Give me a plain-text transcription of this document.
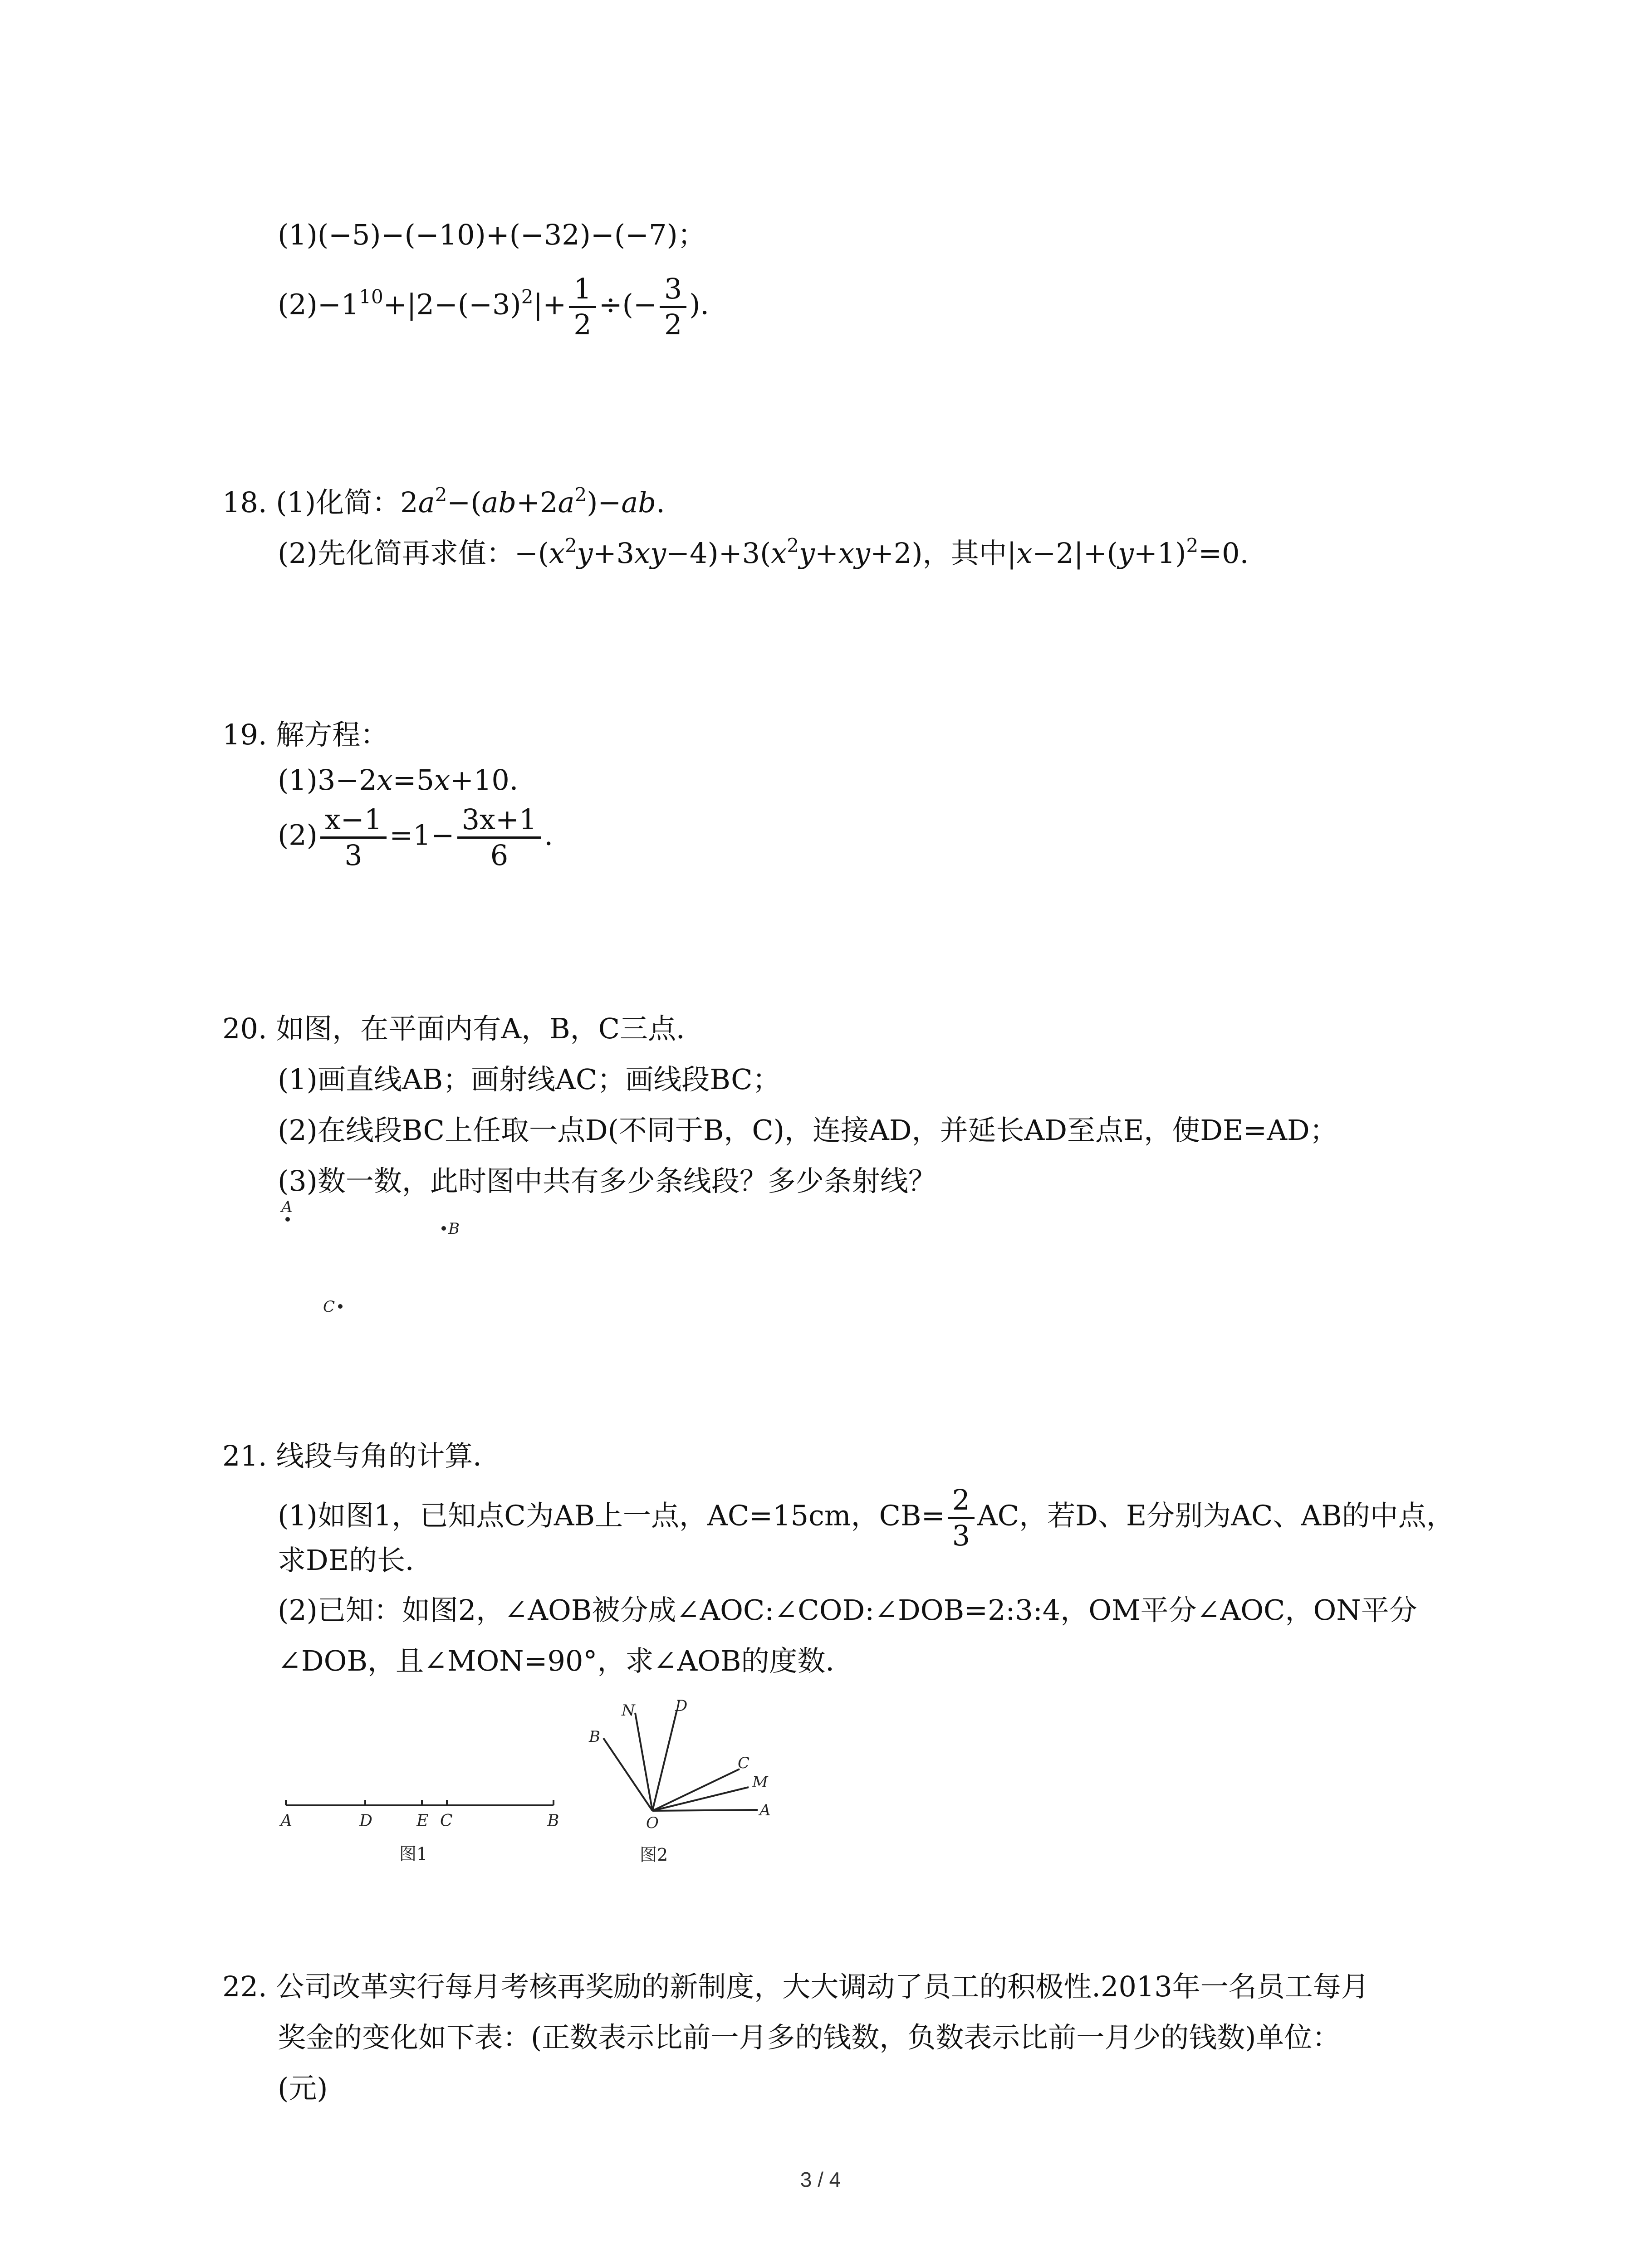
(1)(−5)−(−10)+(−32)−(−7)；
$(2)-1^{10}+|2-(-3)^2|+ \frac{1}{2}$ ÷(− $\frac{3}{2}$ )．
18. (1)化简：$2a^2-(ab+2a^2)-ab$.
(2)先化简再求值：$-(x^2y+3xy-4)+3(x^2y+xy+2)$，其中$|x-2|+(y+1)^2=0$.
19. 解方程：
(1)3−2x=5x+10．
$(2) \frac{x-1}{3} =1- \frac{3x+1}{6}$ .
20. 如图，在平面内有A，B，C三点．
(1)画直线AB；画射线AC；画线段BC；
(2)在线段BC上任取一点D(不同于B，C)，连接AD，并延长AD至点E，使DE=AD；
(3)数一数，此时图中共有多少条线段？多少条射线？
A
B
C
21. 线段与角的计算．
(1)如图1，已知点C为AB上一点，AC=15cm，$CB= \frac{2}{3}$ AC，若D、E分别为AC、AB的中点，
求DE的长．
(2)已知：如图2，∠AOB被分成∠AOC:∠COD:∠DOB=2:3:4，OM平分∠AOC，ON平分
∠DOB，且∠MON=90°，求∠AOB的度数．
A	D	E C	B
图1
B
N	D
C
M
A
O
图2
22. 公司改革实行每月考核再奖励的新制度，大大调动了员工的积极性.2013年一名员工每月
奖金的变化如下表：(正数表示比前一月多的钱数，负数表示比前一月少的钱数)单位：
(元)
3 / 4
